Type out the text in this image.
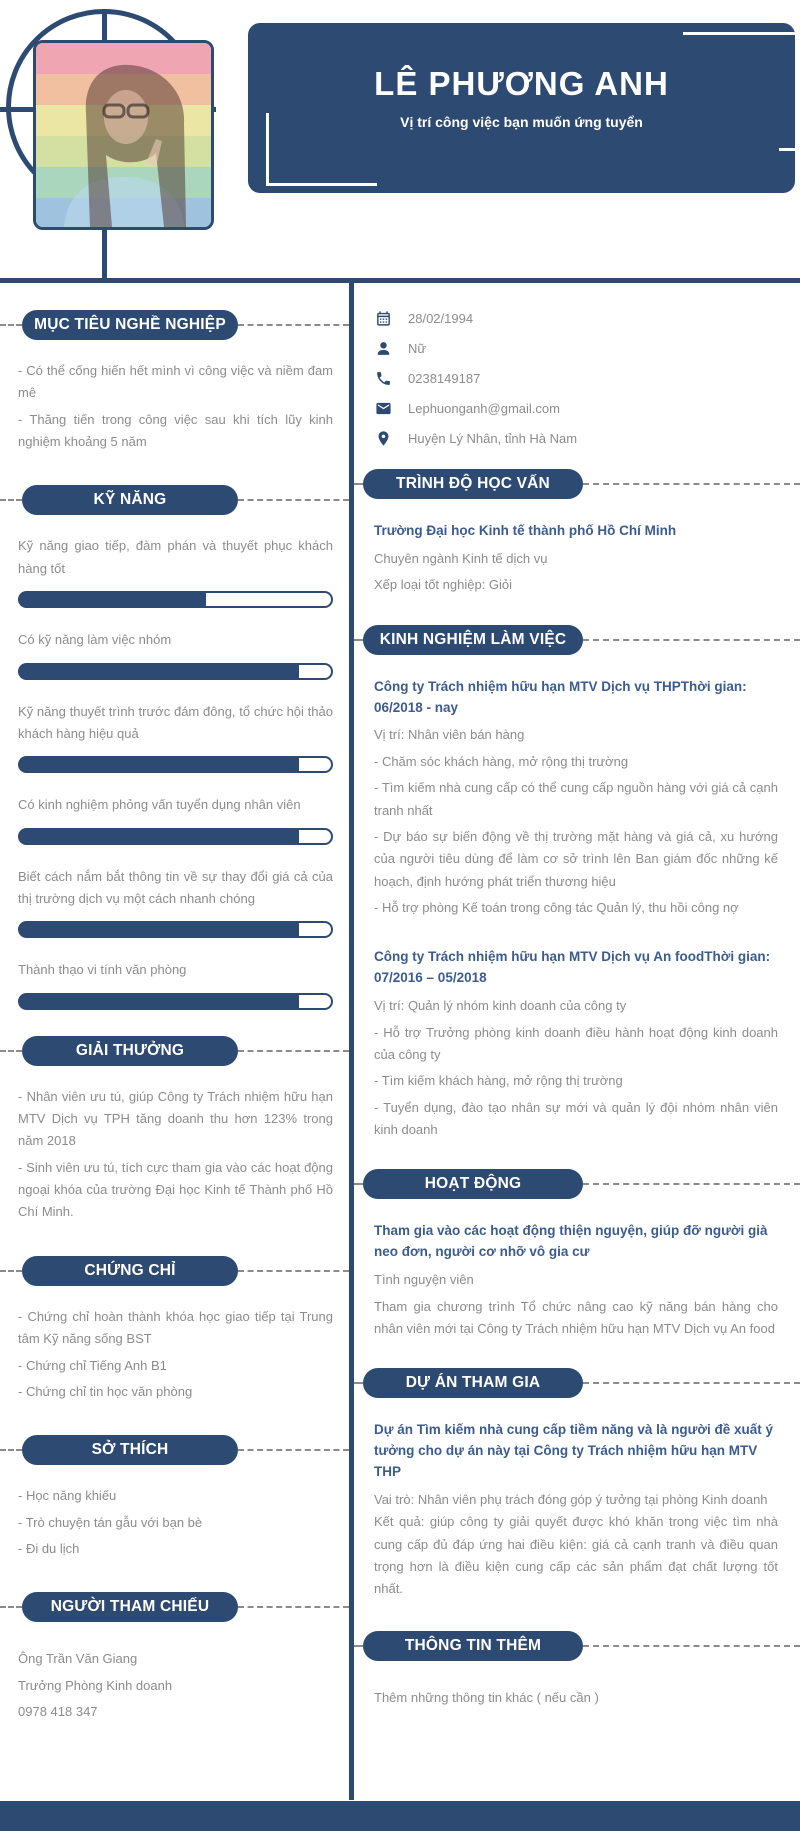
LÊ PHƯƠNG ANH
Vị trí công việc bạn muốn ứng tuyển
MỤC TIÊU NGHỀ NGHIỆP

- Có thể cống hiến hết mình vì công việc và niềm đam mê

- Thăng tiến trong công việc sau khi tích lũy kinh nghiệm khoảng 5 năm

KỸ NĂNG

Kỹ năng giao tiếp, đàm phán và thuyết phục khách hàng tốt

Có kỹ năng làm việc nhóm

Kỹ năng thuyết trình trước đám đông, tổ chức hội thảo khách hàng hiệu quả

Có kinh nghiệm phỏng vấn tuyển dụng nhân viên

Biết cách nắm bắt thông tin về sự thay đổi giá cả của thị trường dịch vụ một cách nhanh chóng

Thành thạo vi tính văn phòng

GIẢI THƯỞNG

- Nhân viên ưu tú, giúp Công ty Trách nhiệm hữu hạn MTV Dịch vụ TPH tăng doanh thu hơn 123% trong năm 2018

- Sinh viên ưu tú, tích cực tham gia vào các hoạt động ngoại khóa của trường Đại học Kinh tế Thành phố Hồ Chí Minh.

CHỨNG CHỈ

- Chứng chỉ hoàn thành khóa học giao tiếp tại Trung tâm Kỹ năng sống BST

- Chứng chỉ Tiếng Anh B1

- Chứng chỉ tin học văn phòng

SỞ THÍCH

- Học năng khiếu

- Trò chuyện tán gẫu với bạn bè

- Đi du lịch

NGƯỜI THAM CHIẾU

Ông Trần Văn Giang

Trưởng Phòng Kinh doanh

0978 418 347

28/02/1994
Nữ
0238149187
Lephuonganh@gmail.com
Huyện Lý Nhân, tỉnh Hà Nam
TRÌNH ĐỘ HỌC VẤN

Trường Đại học Kinh tế thành phố Hồ Chí Minh

Chuyên ngành Kinh tế dịch vụ

Xếp loại tốt nghiệp: Giỏi

KINH NGHIỆM LÀM VIỆC

Công ty Trách nhiệm hữu hạn MTV Dịch vụ THPThời gian: 06/2018 - nay

Vị trí: Nhân viên bán hàng

- Chăm sóc khách hàng, mở rộng thị trường

- Tìm kiếm nhà cung cấp có thể cung cấp nguồn hàng với giá cả cạnh tranh nhất

- Dự báo sự biến động về thị trường mặt hàng và giá cả, xu hướng của người tiêu dùng để làm cơ sở trình lên Ban giám đốc những kế hoạch, định hướng phát triển thương hiệu

- Hỗ trợ phòng Kế toán trong công tác Quản lý, thu hồi công nợ

Công ty Trách nhiệm hữu hạn MTV Dịch vụ An foodThời gian: 07/2016 – 05/2018

Vị trí: Quản lý nhóm kinh doanh của công ty

- Hỗ trợ Trưởng phòng kinh doanh điều hành hoạt động kinh doanh của công ty

- Tìm kiếm khách hàng, mở rộng thị trường

- Tuyển dụng, đào tạo nhân sự mới và quản lý đội nhóm nhân viên kinh doanh

HOẠT ĐỘNG

Tham gia vào các hoạt động thiện nguyện, giúp đỡ người già neo đơn, người cơ nhỡ vô gia cư

Tình nguyện viên

Tham gia chương trình Tổ chức nâng cao kỹ năng bán hàng cho nhân viên mới tại Công ty Trách nhiệm hữu hạn MTV Dịch vụ An food

DỰ ÁN THAM GIA

Dự án Tìm kiếm nhà cung cấp tiềm năng và là người đề xuất ý tưởng cho dự án này tại Công ty Trách nhiệm hữu hạn MTV THP

Vai trò: Nhân viên phụ trách đóng góp ý tưởng tại phòng Kinh doanh

Kết quả: giúp công ty giải quyết được khó khăn trong việc tìm nhà cung cấp đủ đáp ứng hai điều kiện: giá cả cạnh tranh và điều quan trọng hơn là điều kiện cung cấp các sản phẩm đạt chất lượng tốt nhất.

THÔNG TIN THÊM

Thêm những thông tin khác ( nếu cần )
